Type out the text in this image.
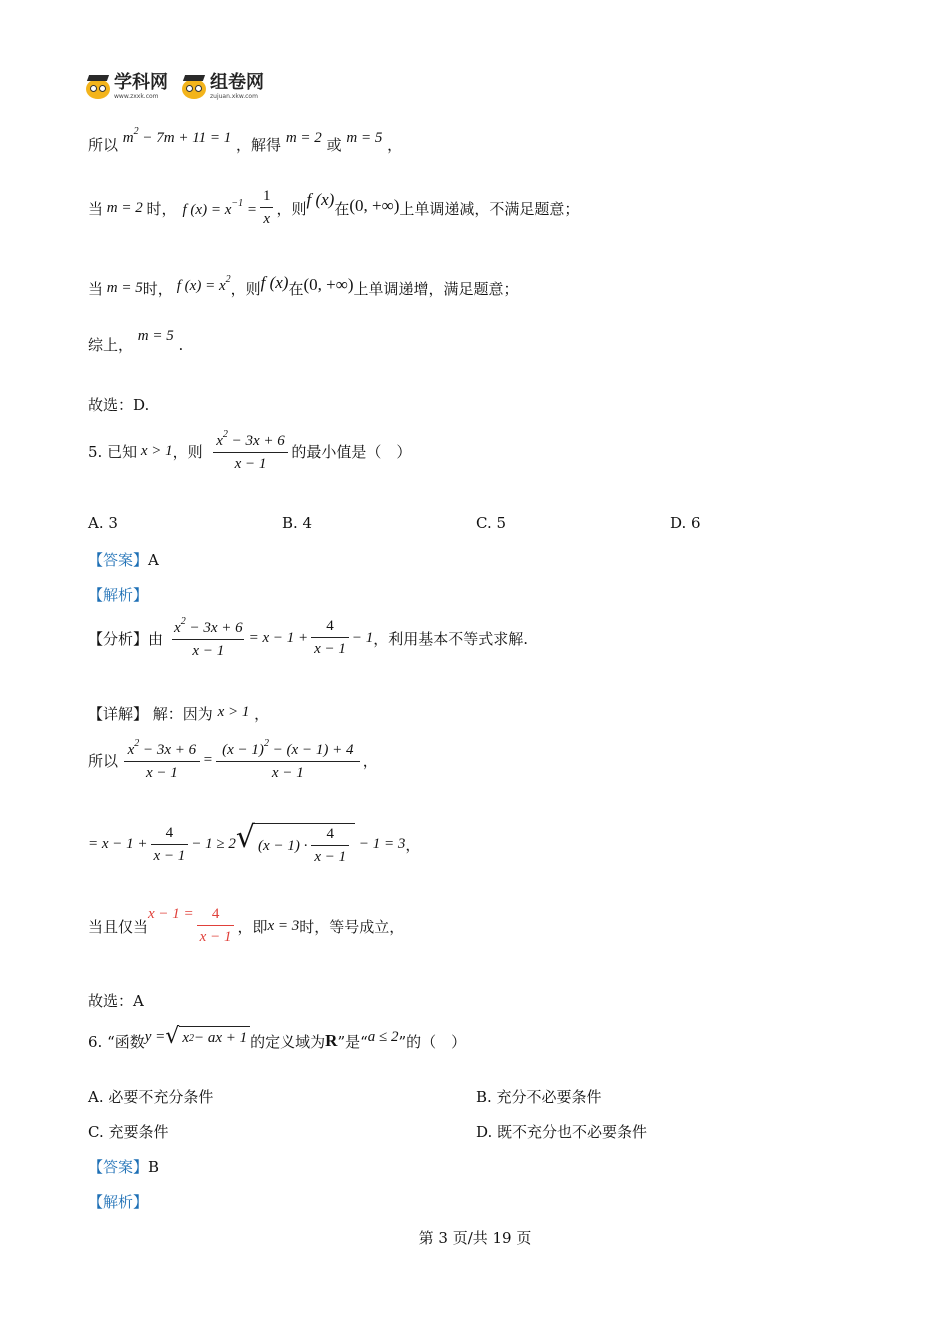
学科网
www.zxxk.com
组卷网
zujuan.xkw.com
所以 $m^2 - 7m + 11 = 1$ ，解得 m = 2 或 m = 5 ，
当 m = 2 时， f $(x) = x^{-1} = \frac{1}{x}$ ，则 f (x) 在 (0, +∞) 上单调递减，不满足题意；
当 m = 5 时， f $(x) = x^2$
，则 f (x) 在 (0, +∞) 上单调递增，满足题意；
综上， m = 5 .
故选：D.
5. 已知 x > 1 ，则 $\frac{x^2 - 3x + 6}{x - 1}$ 的最小值是（　）
A. 3	B. 4	C. 5	D. 6
【答案】A
【解析】
【分析】 由 $\frac{x^2 - 3x + 6}{x - 1} = x - 1 + \frac{4}{x - 1} - 1$ ，利用基本不等式求解.
【详解】 解：因为 x > 1 ，
所以 $\frac{x^2 - 3x + 6}{x - 1} = \frac{(x - 1)^2 - (x - 1) + 4}{x - 1}$ ，
= $x - 1 + \frac{4}{x - 1} - 1 \ge 2$ √ $(x - 1) \cdot \frac{4}{x - 1} - 1 = 3$ ，
当且仅当
$x - 1 = \frac{4}{x - 1}$ ，即 x = 3 时，等号成立，
故选：A
6. “函数 y = √ x 2 − ax + 1 的定义域为 R ”是“ a ≤ 2 ”的（　）
A. 必要不充分条件	B. 充分不必要条件
C. 充要条件	D. 既不充分也不必要条件
【答案】B
【解析】
第 3 页/共 19 页
